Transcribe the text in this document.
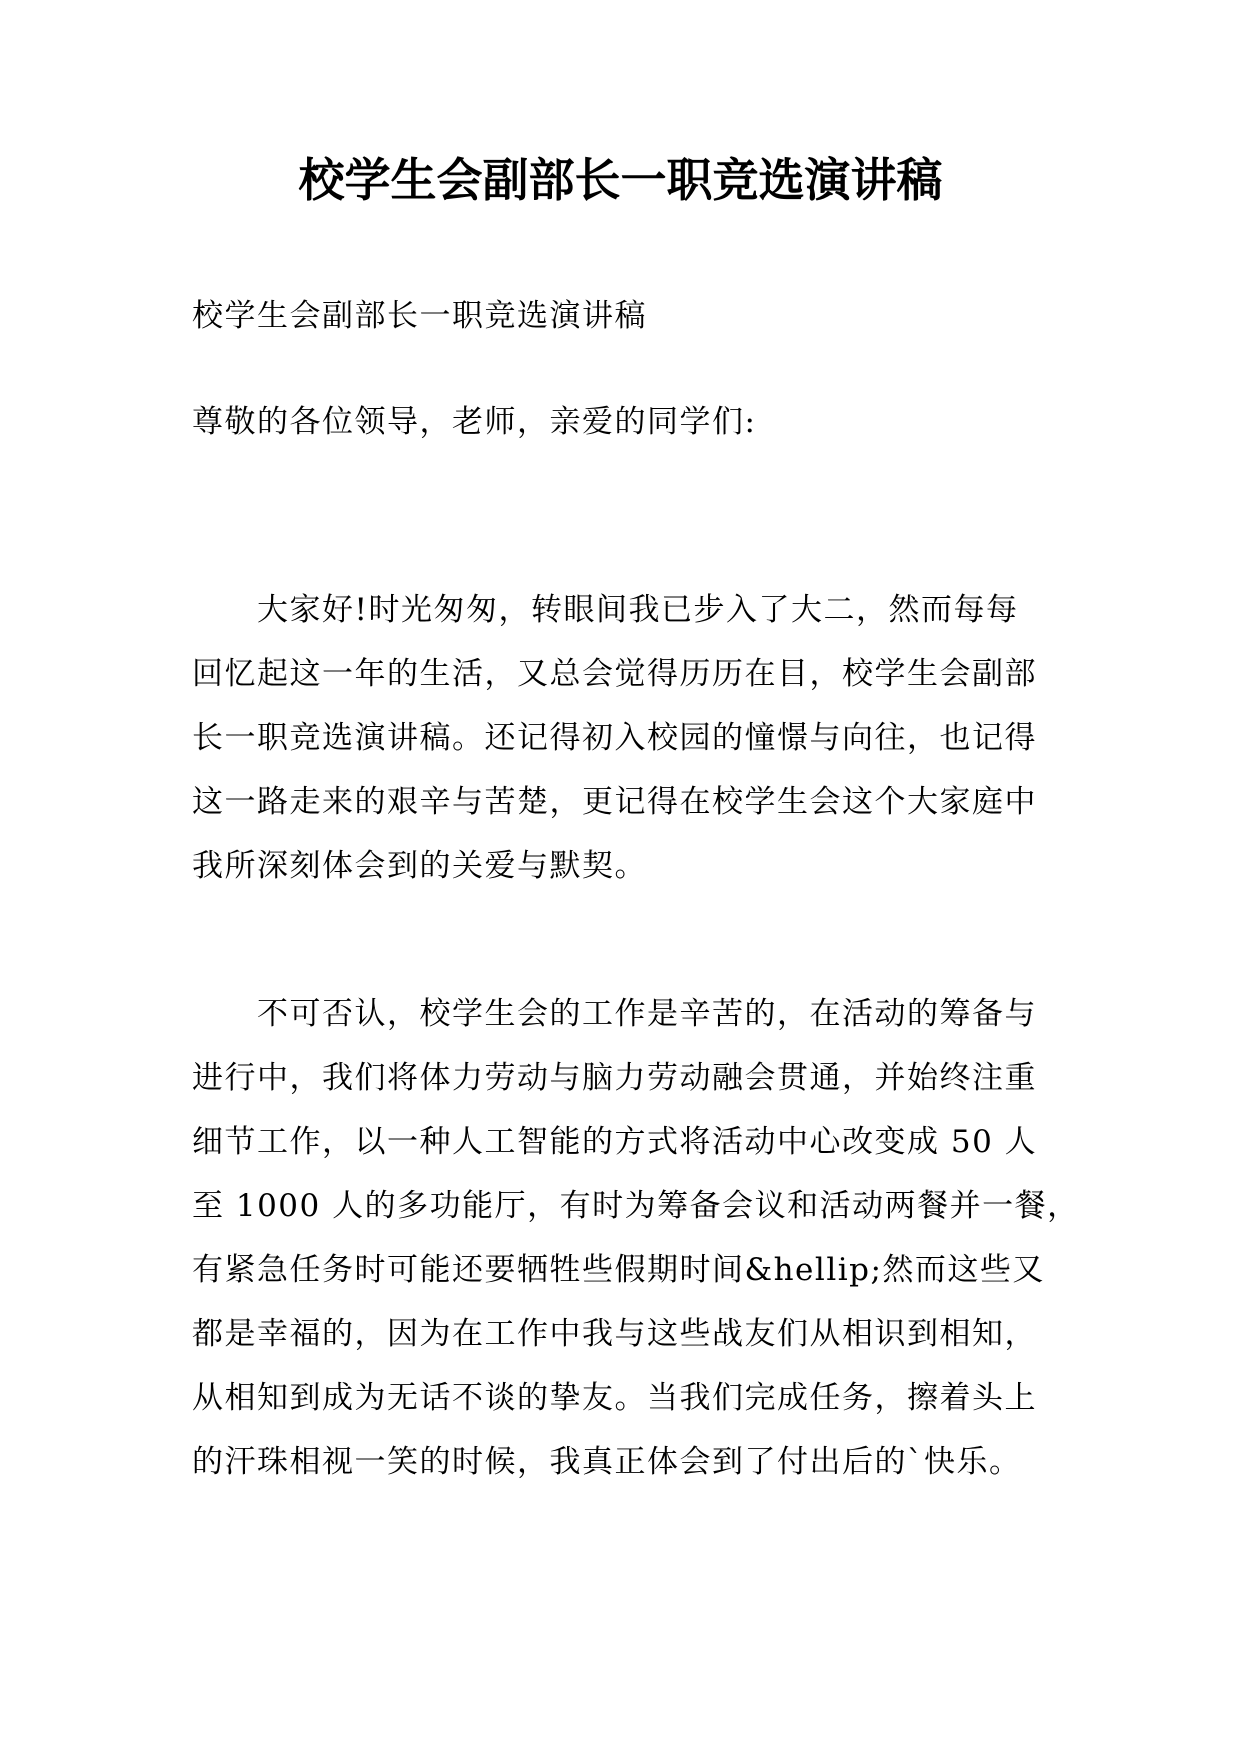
校学生会副部长一职竞选演讲稿
校学生会副部长一职竞选演讲稿
尊敬的各位领导，老师，亲爱的同学们:
　　大家好!时光匆匆，转眼间我已步入了大二，然而每每
回忆起这一年的生活，又总会觉得历历在目，校学生会副部
长一职竞选演讲稿。还记得初入校园的憧憬与向往，也记得
这一路走来的艰辛与苦楚，更记得在校学生会这个大家庭中
我所深刻体会到的关爱与默契。
　　不可否认，校学生会的工作是辛苦的，在活动的筹备与
进行中，我们将体力劳动与脑力劳动融会贯通，并始终注重
细节工作，以一种人工智能的方式将活动中心改变成 50 人
至 1000 人的多功能厅，有时为筹备会议和活动两餐并一餐，
有紧急任务时可能还要牺牲些假期时间&hellip;然而这些又
都是幸福的，因为在工作中我与这些战友们从相识到相知，
从相知到成为无话不谈的挚友。当我们完成任务，擦着头上
的汗珠相视一笑的时候，我真正体会到了付出后的`快乐。
